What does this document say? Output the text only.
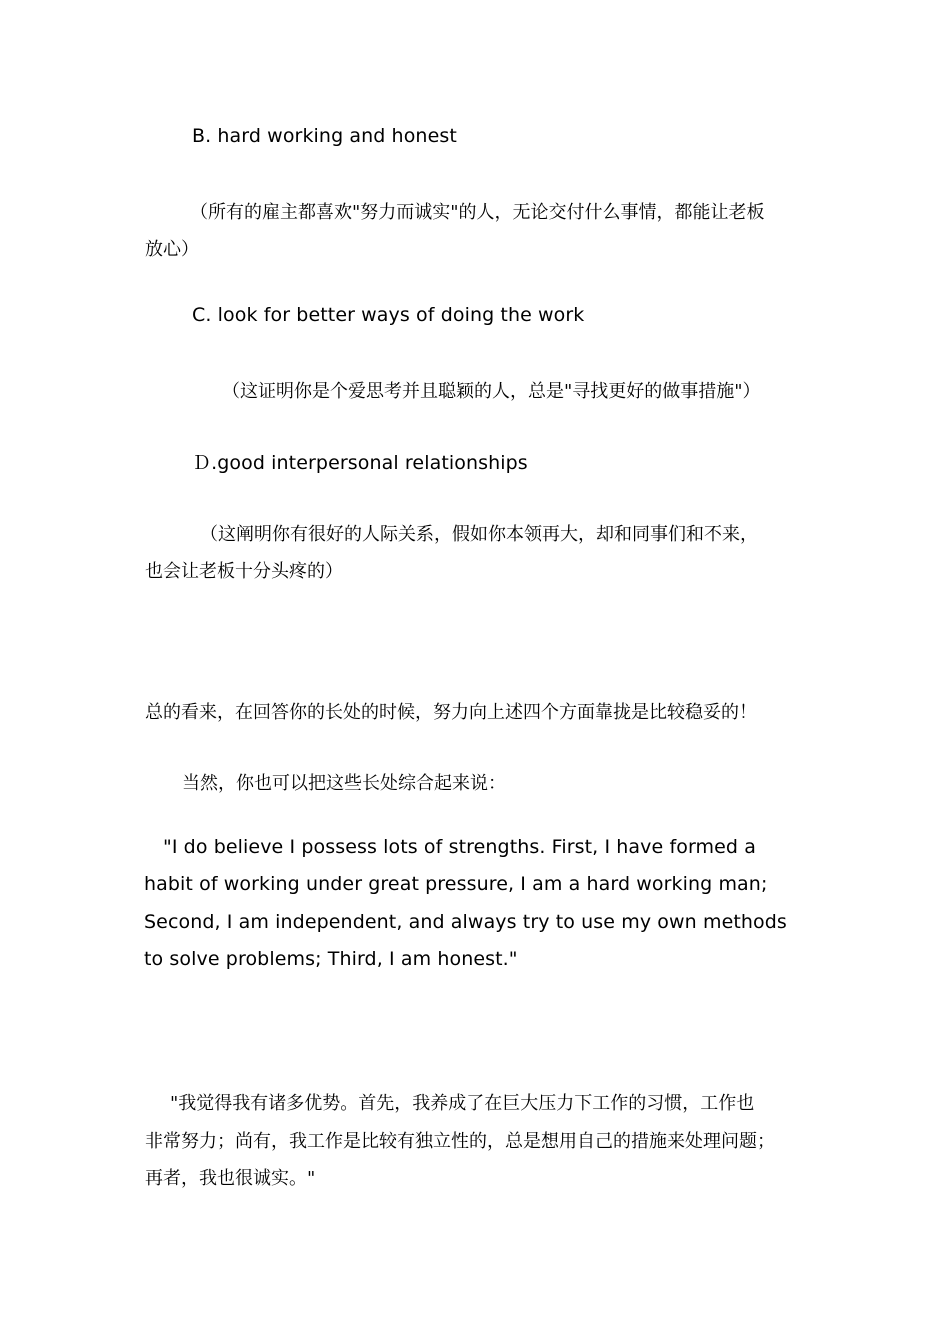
B. hard working and honest

（所有的雇主都喜欢"努力而诚实"的人，无论交付什么事情，都能让老板

放心）

C. look for better ways of doing the work

（这证明你是个爱思考并且聪颖的人，总是"寻找更好的做事措施"）

Ｄ.good interpersonal relationships

（这阐明你有很好的人际关系，假如你本领再大，却和同事们和不来，

也会让老板十分头疼的）

总的看来，在回答你的长处的时候，努力向上述四个方面靠拢是比较稳妥的！

当然，你也可以把这些长处综合起来说：

"I do believe I possess lots of strengths. First, I have formed a

habit of working under great pressure, I am a hard working man;

Second, I am independent, and always try to use my own methods

to solve problems; Third, I am honest."

"我觉得我有诸多优势。首先，我养成了在巨大压力下工作的习惯，工作也

非常努力；尚有，我工作是比较有独立性的，总是想用自己的措施来处理问题；

再者，我也很诚实。"
